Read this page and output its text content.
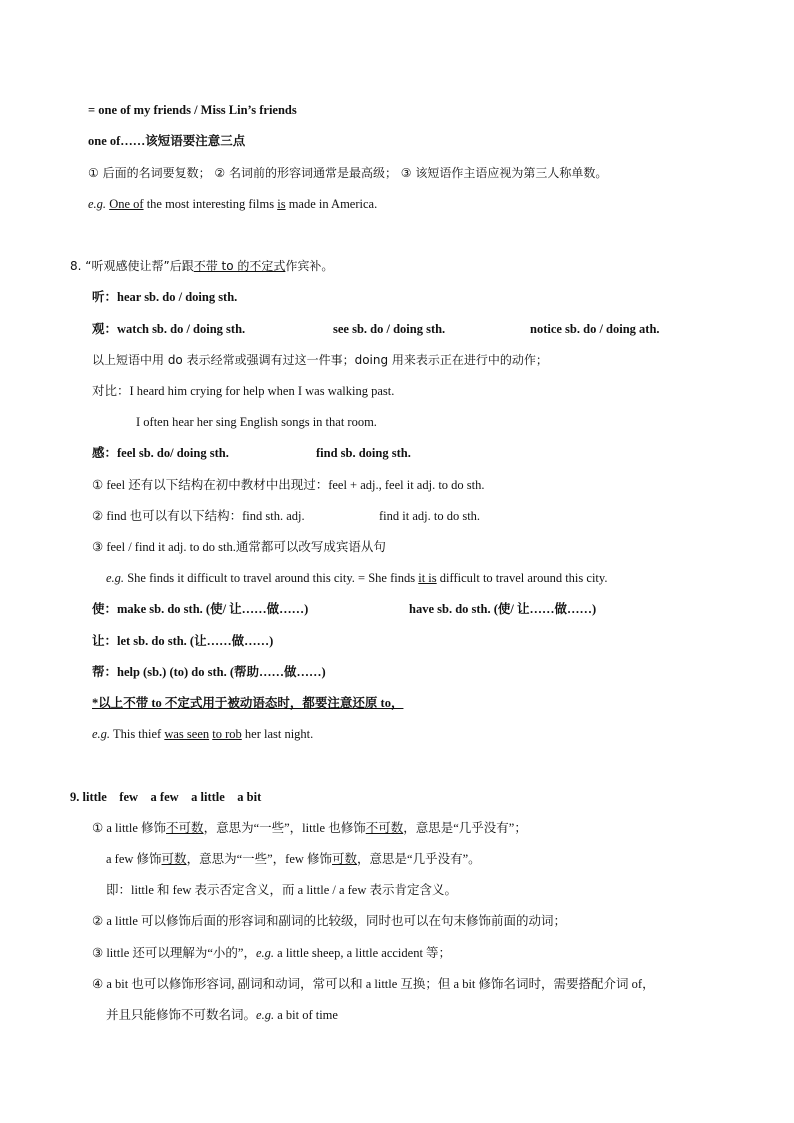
= one of my friends / Miss Lin’s friends
one of……该短语要注意三点
① 后面的名词要复数； ② 名词前的形容词通常是最高级； ③ 该短语作主语应视为第三人称单数。
e.g. One of the most interesting films is made in America.
8. “听观感使让帮”后跟不带 to 的不定式作宾补。
听：hear sb. do / doing sth.
观：watch sb. do / doing sth.	see sb. do / doing sth.	notice sb. do / doing ath.
以上短语中用 do 表示经常或强调有过这一件事；doing 用来表示正在进行中的动作；
对比：I heard him crying for help when I was walking past.
I often hear her sing English songs in that room.
感：feel sb. do/ doing sth.	find sb. doing sth.
① feel 还有以下结构在初中教材中出现过：feel + adj., feel it adj. to do sth.
② find 也可以有以下结构：find sth. adj.	find it adj. to do sth.
③ feel / find it adj. to do sth.通常都可以改写成宾语从句
e.g. She finds it difficult to travel around this city. = She finds it is difficult to travel around this city.
使：make sb. do sth. (使/ 让……做……)	have sb. do sth. (使/ 让……做……)
让：let sb. do sth. (让……做……)
帮：help (sb.) (to) do sth. (帮助……做……)
*以上不带 to 不定式用于被动语态时，都要注意还原 to，
e.g. This thief was seen to rob her last night.
9. little    few    a few    a little    a bit
① a little 修饰不可数，意思为“一些”，little 也修饰不可数，意思是“几乎没有”；
a few 修饰可数，意思为“一些”，few 修饰可数，意思是“几乎没有”。
即：little 和 few 表示否定含义，而 a little / a few 表示肯定含义。
② a little 可以修饰后面的形容词和副词的比较级，同时也可以在句末修饰前面的动词；
③ little 还可以理解为“小的”，e.g. a little sheep, a little accident 等；
④ a bit 也可以修饰形容词, 副词和动词，常可以和 a little 互换；但 a bit 修饰名词时，需要搭配介词 of，
并且只能修饰不可数名词。e.g. a bit of time
